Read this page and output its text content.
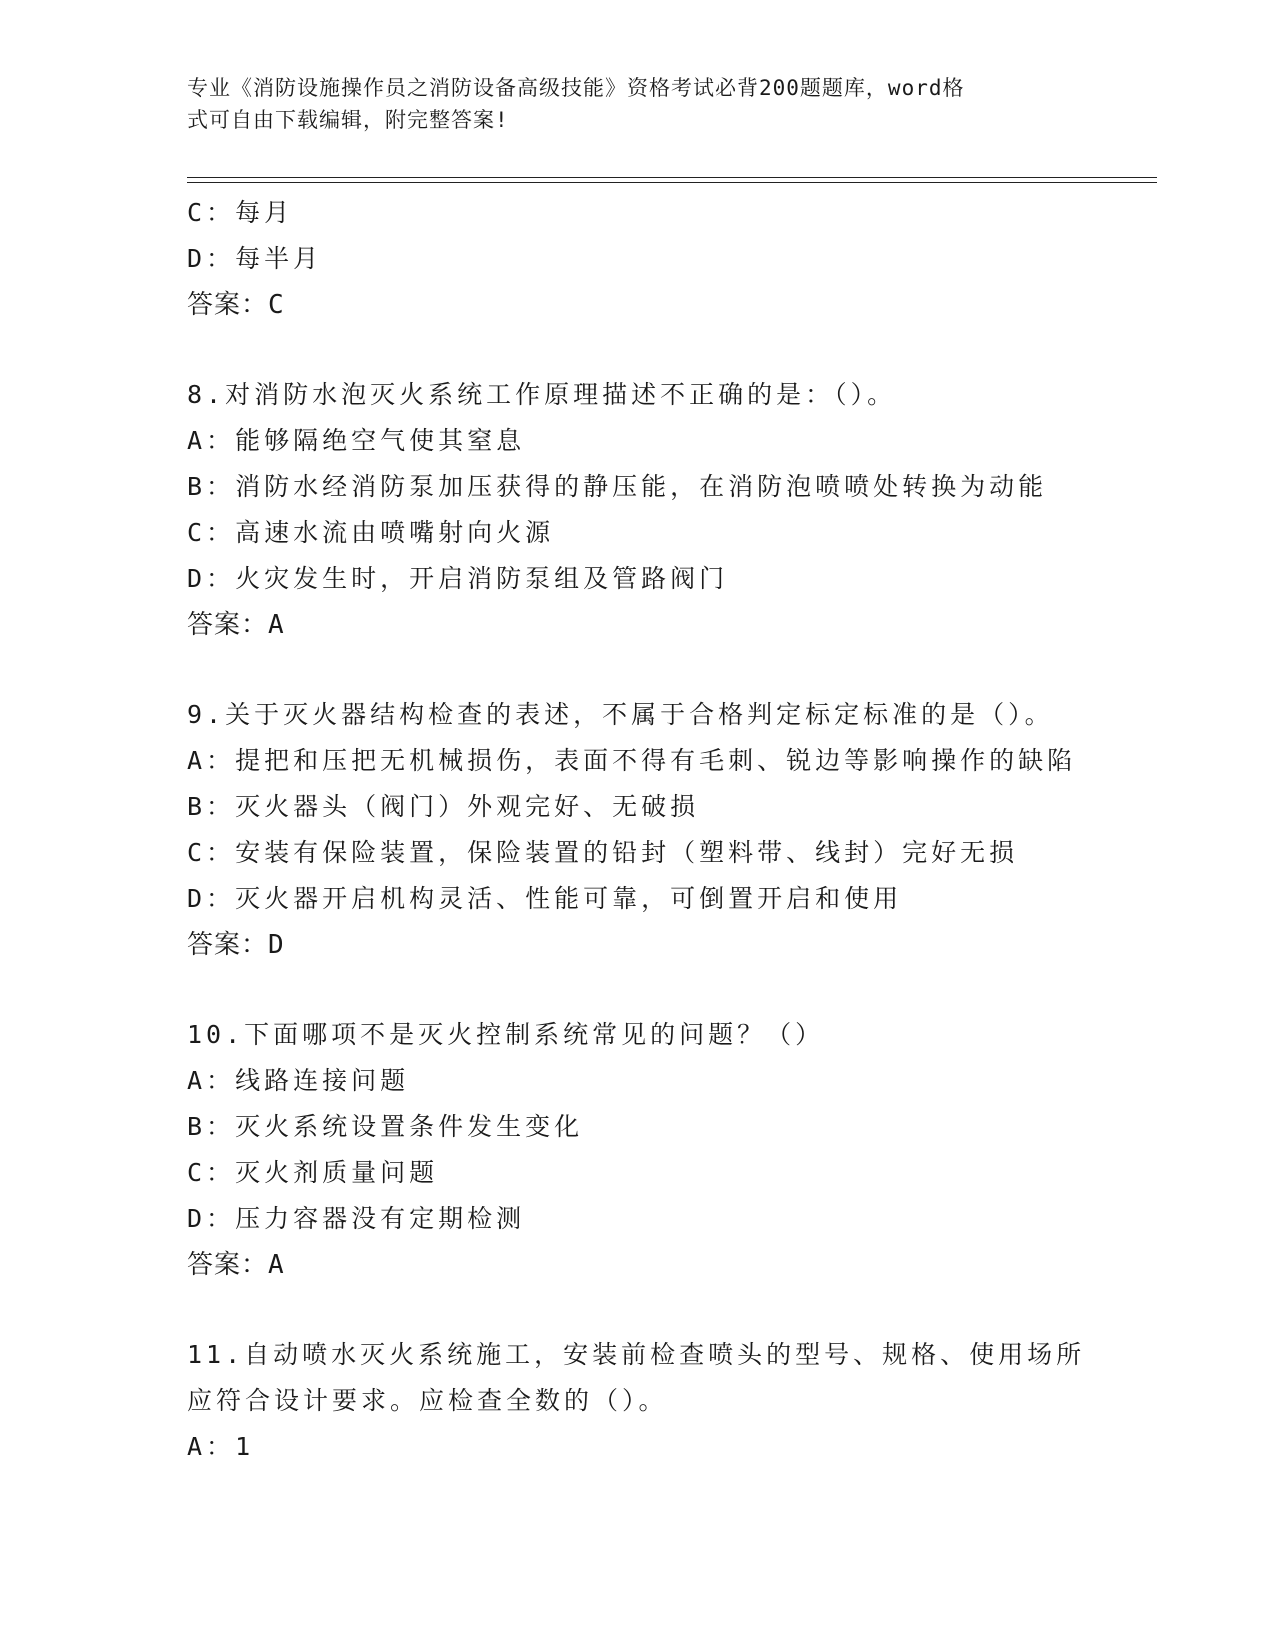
专业《消防设施操作员之消防设备高级技能》资格考试必背200题题库，word格
式可自由下载编辑，附完整答案!
C：每月
D：每半月
答案：C
8.对消防水泡灭火系统工作原理描述不正确的是：（）。
A：能够隔绝空气使其窒息
B：消防水经消防泵加压获得的静压能，在消防泡喷喷处转换为动能
C：高速水流由喷嘴射向火源
D：火灾发生时，开启消防泵组及管路阀门
答案：A
9.关于灭火器结构检查的表述，不属于合格判定标定标准的是（）。
A：提把和压把无机械损伤，表面不得有毛刺、锐边等影响操作的缺陷
B：灭火器头（阀门）外观完好、无破损
C：安装有保险装置，保险装置的铅封（塑料带、线封）完好无损
D：灭火器开启机构灵活、性能可靠，可倒置开启和使用
答案：D
10.下面哪项不是灭火控制系统常见的问题？（）
A：线路连接问题
B：灭火系统设置条件发生变化
C：灭火剂质量问题
D：压力容器没有定期检测
答案：A
11.自动喷水灭火系统施工，安装前检查喷头的型号、规格、使用场所
应符合设计要求。应检查全数的（）。
A：1
